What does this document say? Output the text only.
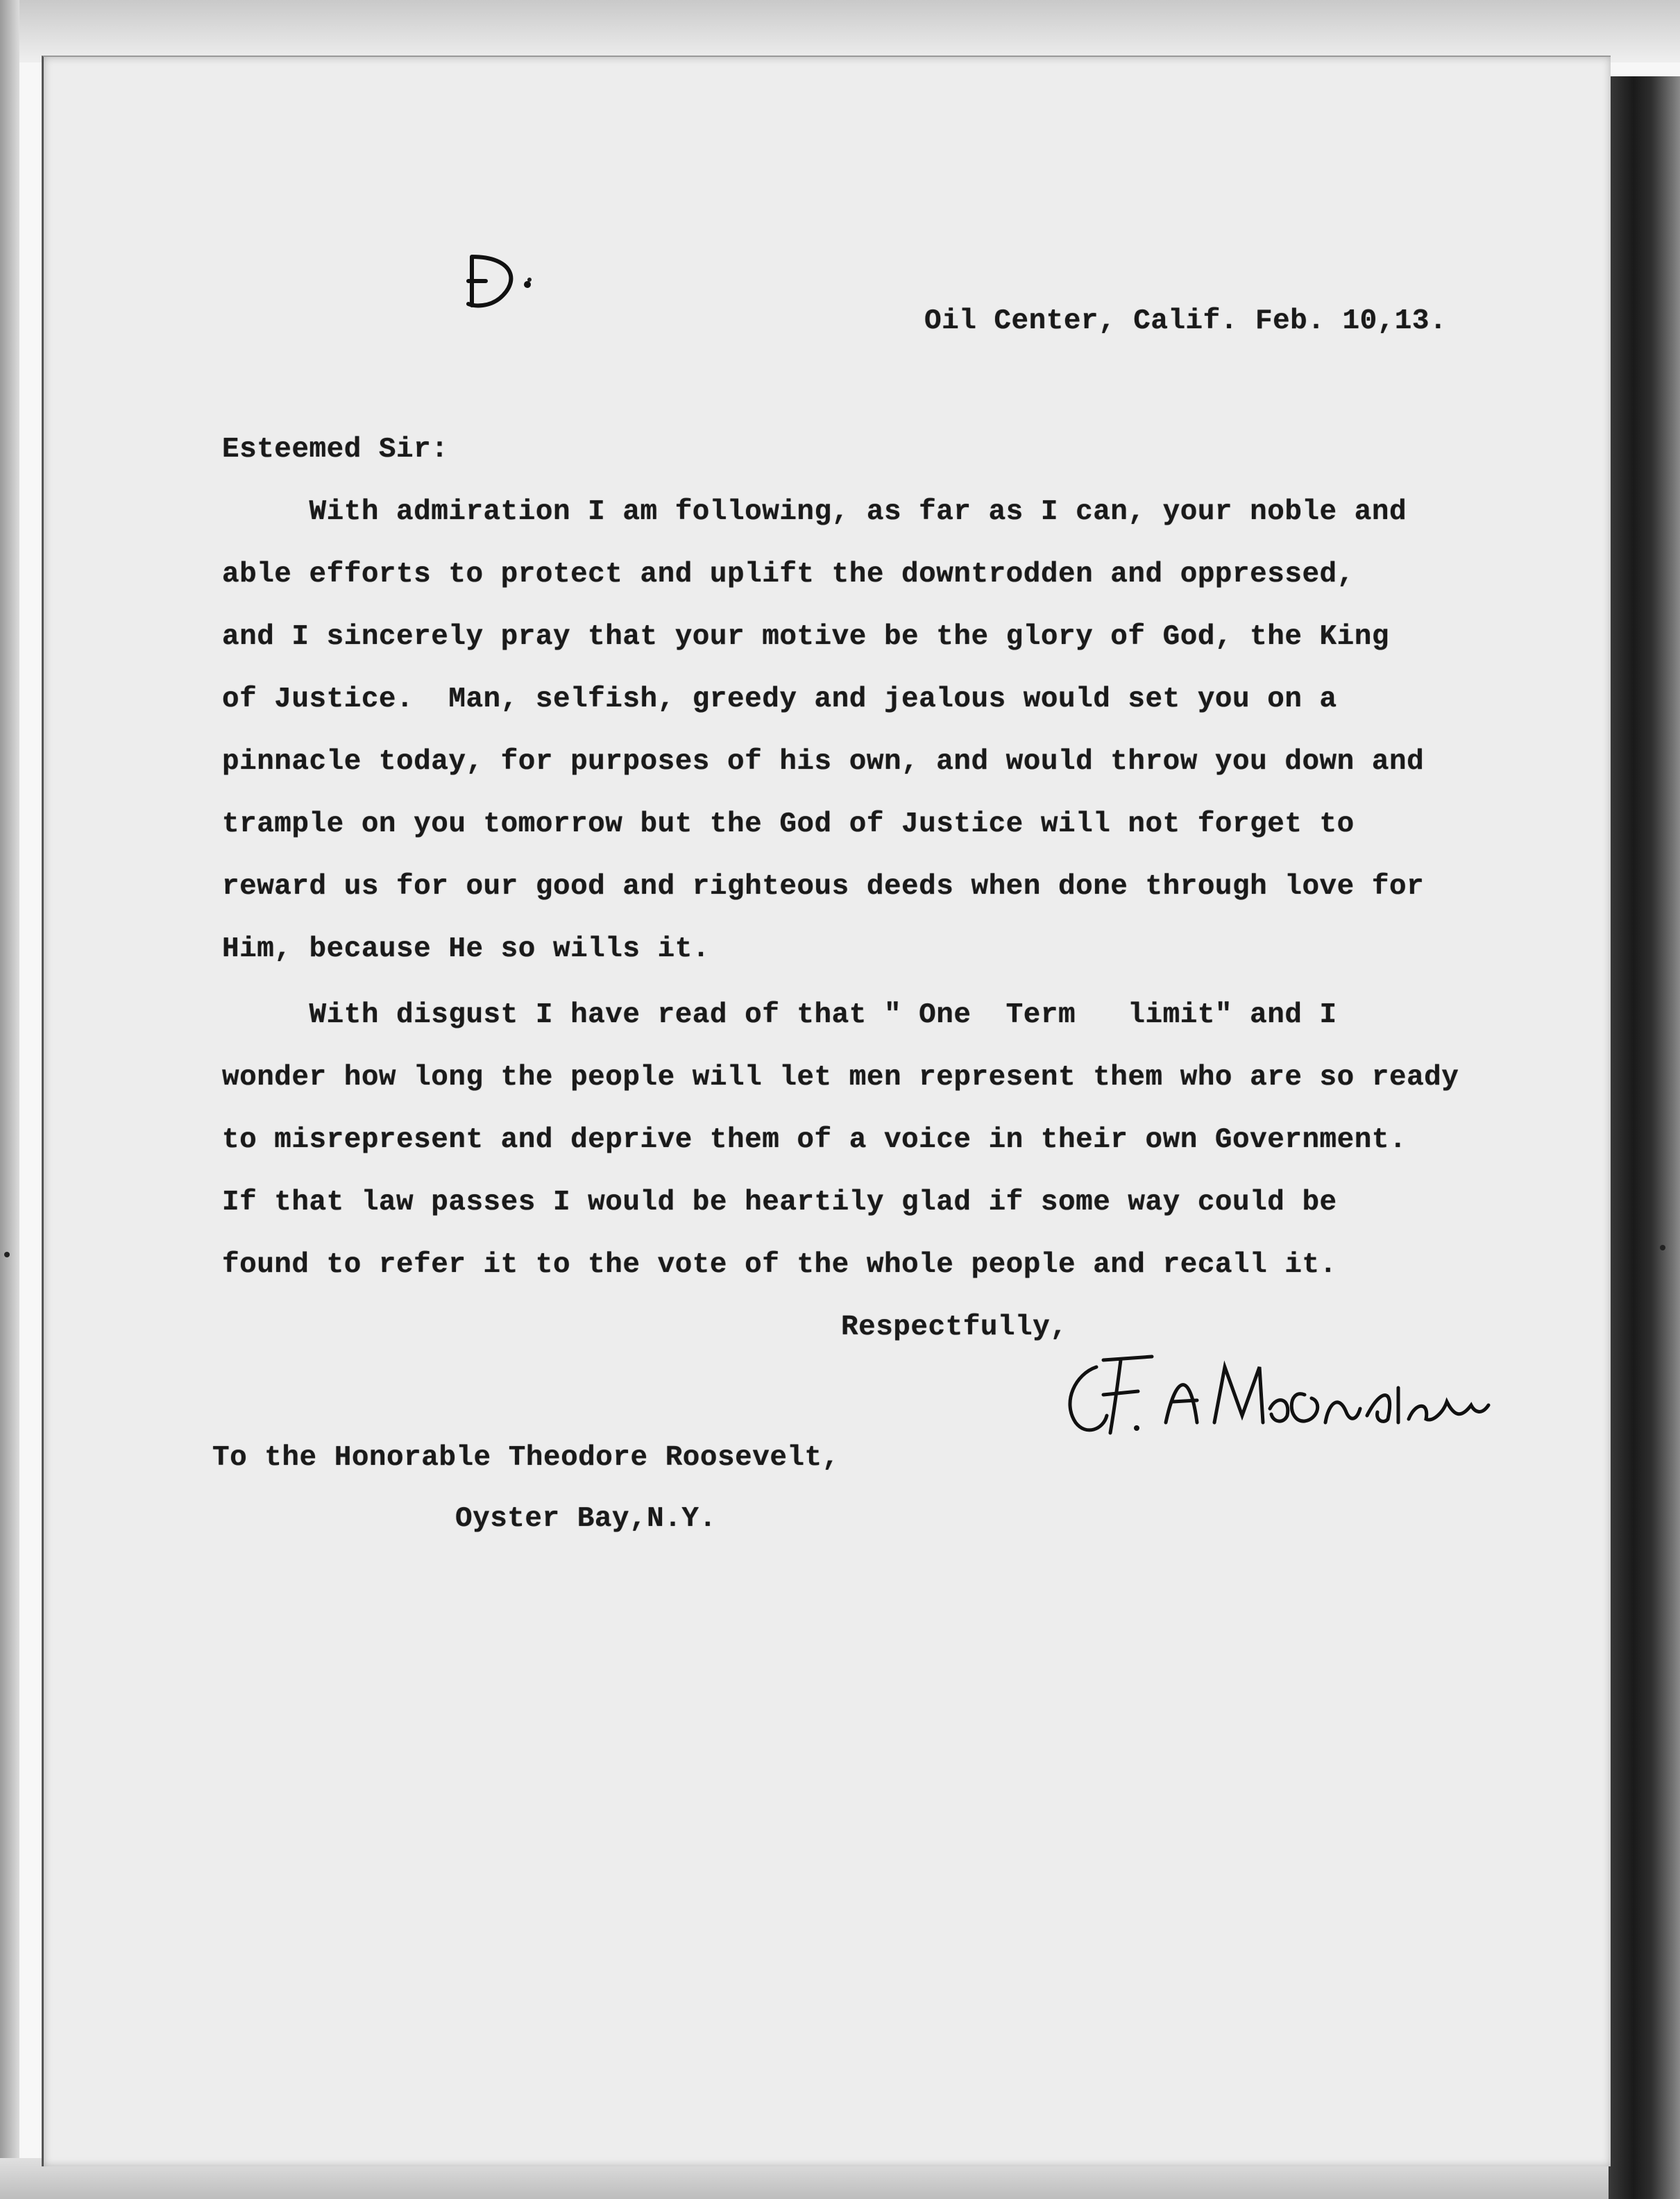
Oil Center, Calif. Feb. 10,13.
Esteemed Sir:
With admiration I am following, as far as I can, your noble and
able efforts to protect and uplift the downtrodden and oppressed,
and I sincerely pray that your motive be the glory of God, the King
of Justice.  Man, selfish, greedy and jealous would set you on a
pinnacle today, for purposes of his own, and would throw you down and
trample on you tomorrow but the God of Justice will not forget to
reward us for our good and righteous deeds when done through love for
Him, because He so wills it.
With disgust I have read of that " One  Term   limit" and I
wonder how long the people will let men represent them who are so ready
to misrepresent and deprive them of a voice in their own Government.
If that law passes I would be heartily glad if some way could be
found to refer it to the vote of the whole people and recall it.
Respectfully,
To the Honorable Theodore Roosevelt,
Oyster Bay,N.Y.
